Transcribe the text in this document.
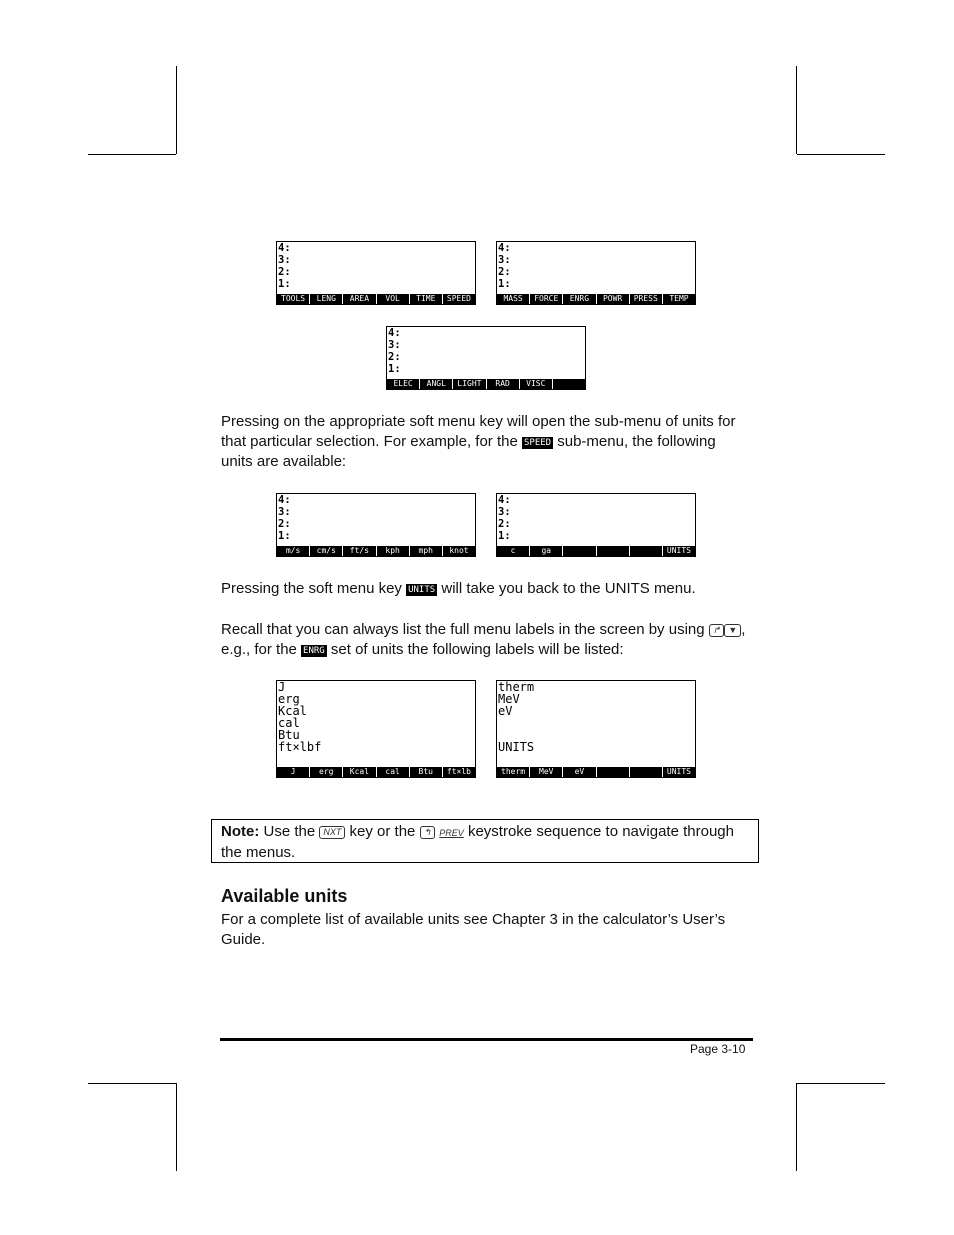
4:
3:
2:
1:
TOOLS	LENG	AREA	VOL	TIME	SPEED
4:
3:
2:
1:
MASS	FORCE	ENRG	POWR	PRESS	TEMP
4:
3:
2:
1:
ELEC	ANGL	LIGHT	RAD	VISC
Pressing on the appropriate soft menu key will open the sub-menu of units for that particular selection. For example, for the SPEED sub-menu, the following units are available:
4:
3:
2:
1:
m/s	cm/s	ft/s	kph	mph	knot
4:
3:
2:
1:
c	ga	UNITS
Pressing the soft menu key UNITS will take you back to the UNITS menu.
Recall that you can always list the full menu labels in the screen by using ↱ ▼ , e.g., for the ENRG set of units the following labels will be listed:
J
erg
Kcal
cal
Btu
ft×lbf
J	erg	Kcal	cal	Btu	ft×lb
therm
MeV
eV
UNITS
therm	MeV	eV	UNITS
Note: Use the NXT key or the ↰ PREV keystroke sequence to navigate through the menus.
Available units
For a complete list of available units see Chapter 3 in the calculator’s User’s Guide.
Page 3-10
